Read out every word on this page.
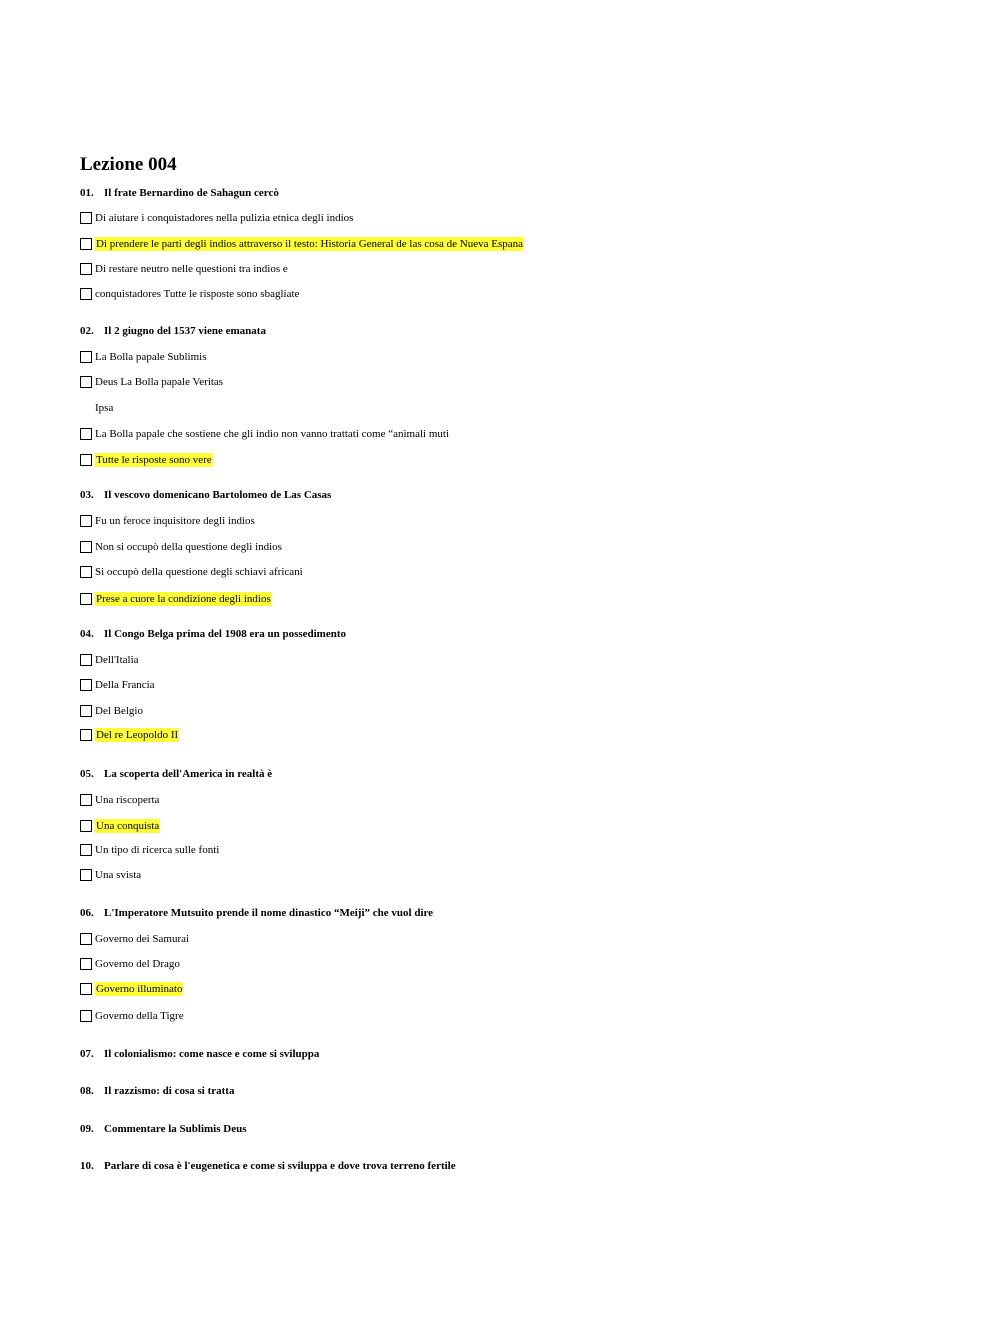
Lezione 004
01. Il frate Bernardino de Sahagun cercò
Di aiutare i conquistadores nella pulizia etnica degli indios
Di prendere le parti degli indios attraverso il testo: Historia General de las cosa de Nueva Espana
Di restare neutro nelle questioni tra indios e
conquistadores Tutte le risposte sono sbagliate
02. Il 2 giugno del 1537 viene emanata
La Bolla papale Sublimis
Deus La Bolla papale Veritas
Ipsa
La Bolla papale che sostiene che gli indio non vanno trattati come “animali muti
Tutte le risposte sono vere
03. Il vescovo domenicano Bartolomeo de Las Casas
Fu un feroce inquisitore degli indios
Non si occupò della questione degli indios
Si occupò della questione degli schiavi africani
Prese a cuore la condizione degli indios
04. Il Congo Belga prima del 1908 era un possedimento
Dell'Italia
Della Francia
Del Belgio
Del re Leopoldo II
05. La scoperta dell'America in realtà è
Una riscoperta
Una conquista
Un tipo di ricerca sulle fonti
Una svista
06. L'Imperatore Mutsuito prende il nome dinastico “Meiji” che vuol dire
Governo dei Samurai
Governo del Drago
Governo illuminato
Governo della Tigre
07. Il colonialismo: come nasce e come si sviluppa
08. Il razzismo: di cosa si tratta
09. Commentare la Sublimis Deus
10. Parlare di cosa è l'eugenetica e come si sviluppa e dove trova terreno fertile
